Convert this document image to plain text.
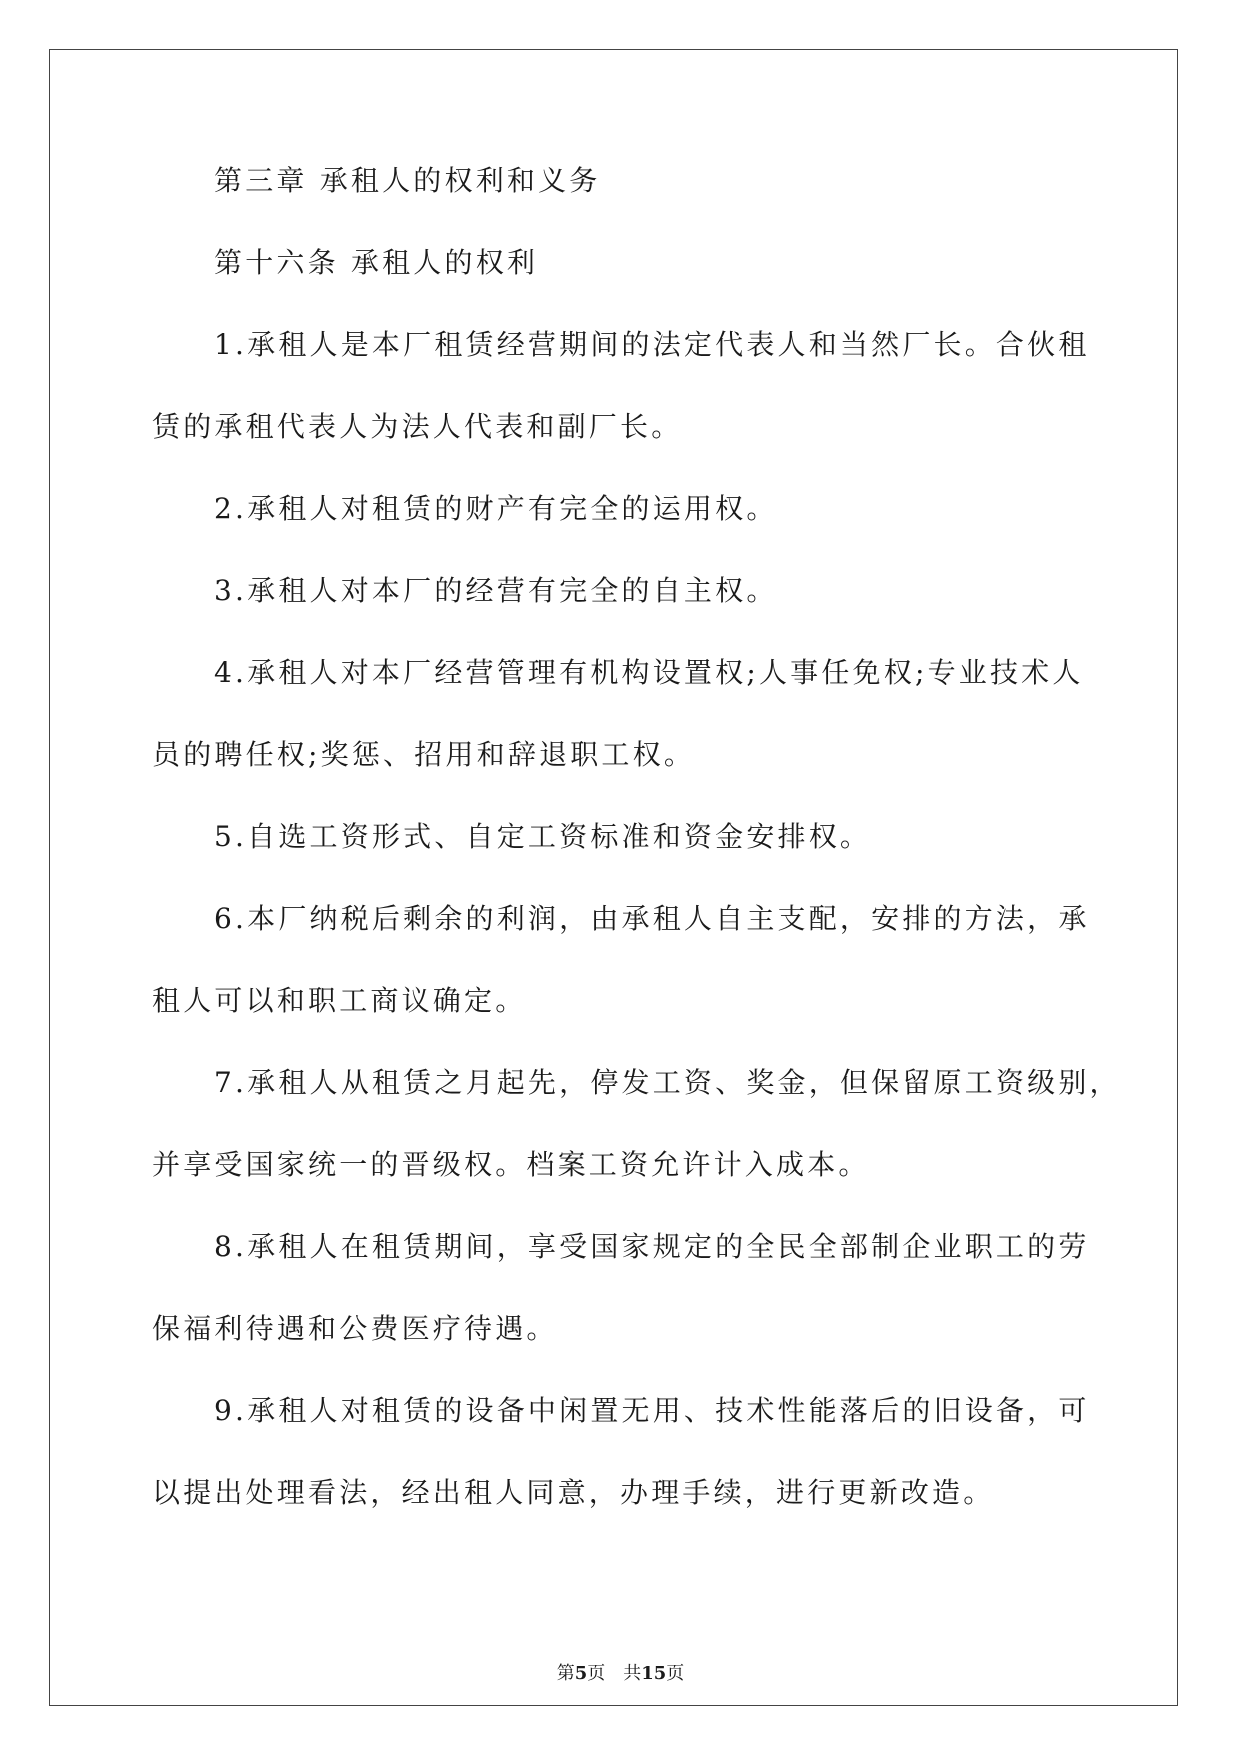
第三章 承租人的权利和义务

第十六条 承租人的权利

1.承租人是本厂租赁经营期间的法定代表人和当然厂长。合伙租

赁的承租代表人为法人代表和副厂长。

2.承租人对租赁的财产有完全的运用权。

3.承租人对本厂的经营有完全的自主权。

4.承租人对本厂经营管理有机构设置权;人事任免权;专业技术人

员的聘任权;奖惩、招用和辞退职工权。

5.自选工资形式、自定工资标准和资金安排权。

6.本厂纳税后剩余的利润，由承租人自主支配，安排的方法，承

租人可以和职工商议确定。

7.承租人从租赁之月起先，停发工资、奖金，但保留原工资级别，

并享受国家统一的晋级权。档案工资允许计入成本。

8.承租人在租赁期间，享受国家规定的全民全部制企业职工的劳

保福利待遇和公费医疗待遇。

9.承租人对租赁的设备中闲置无用、技术性能落后的旧设备，可

以提出处理看法，经出租人同意，办理手续，进行更新改造。

第5页 共15页
